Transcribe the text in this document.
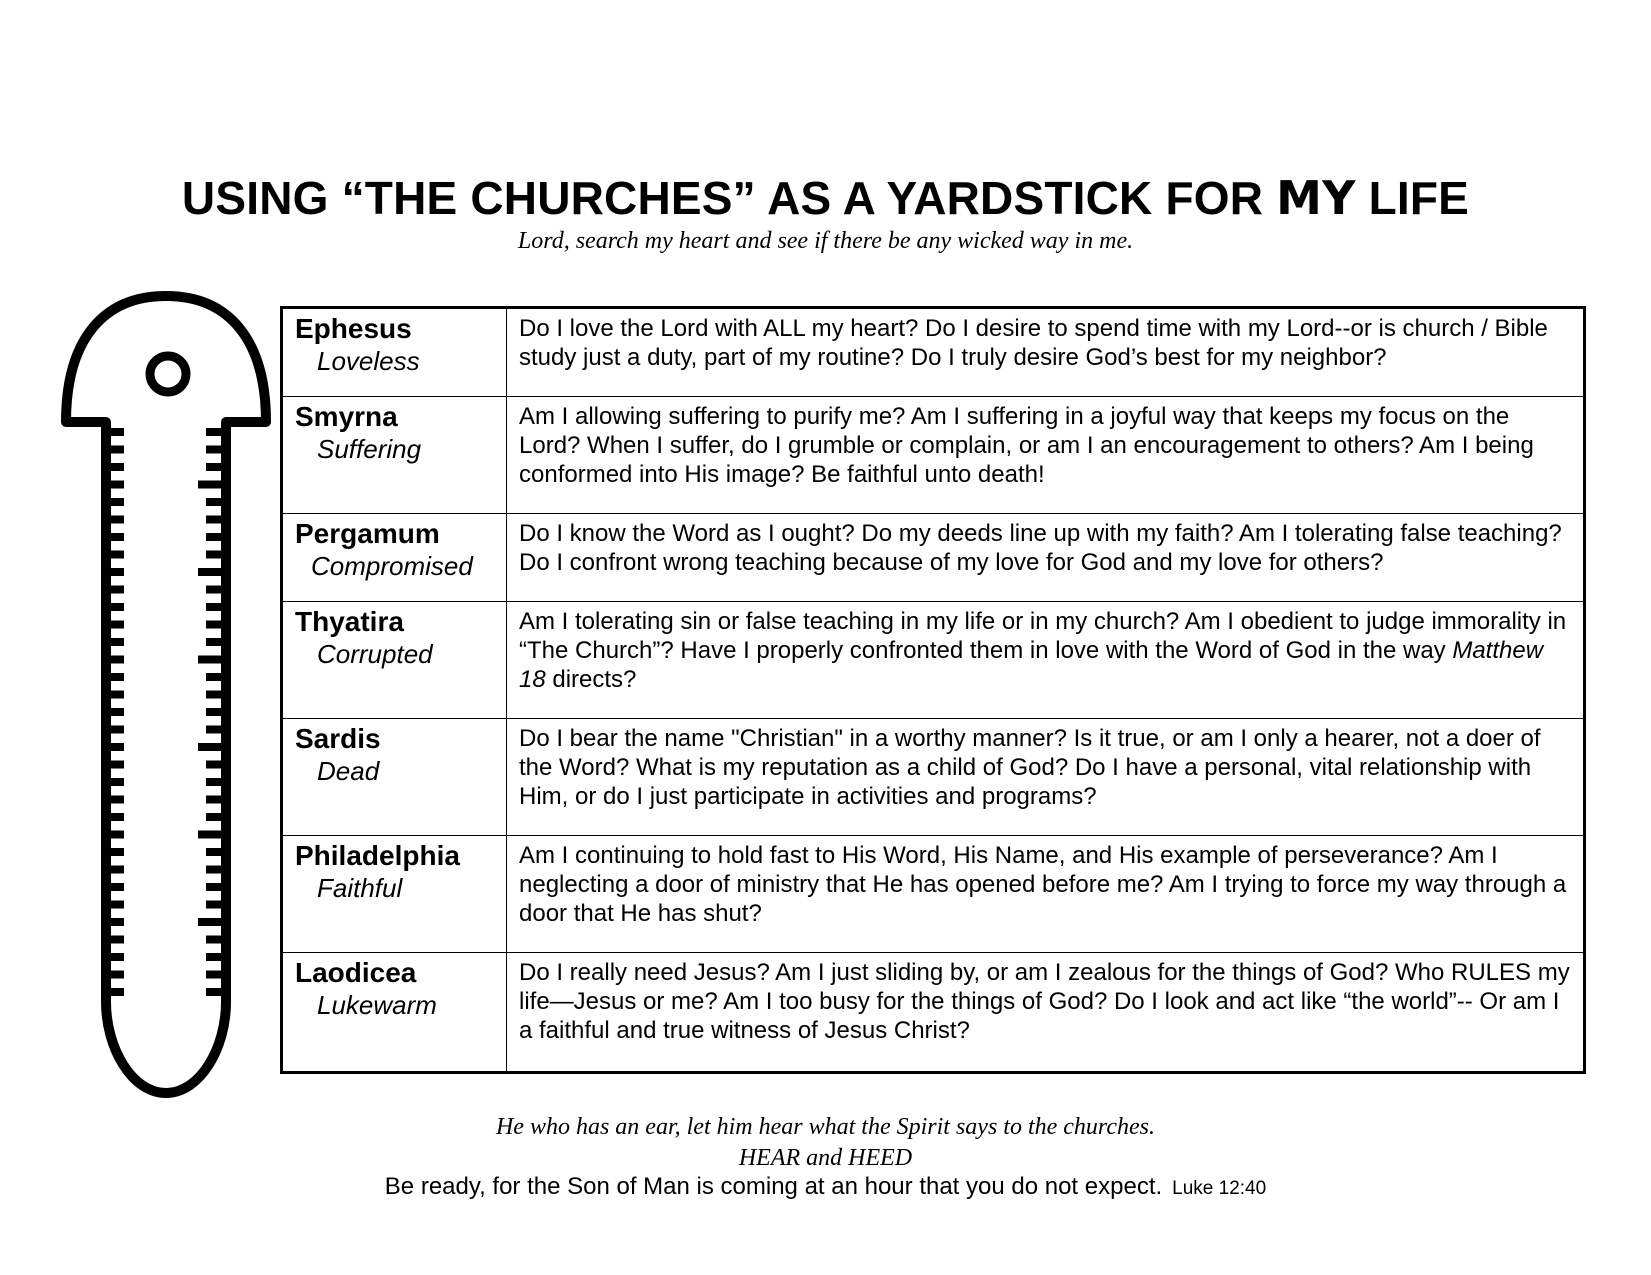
USING “THE CHURCHES” AS A YARDSTICK FOR MY LIFE
Lord, search my heart and see if there be any wicked way in me.
Ephesus
Loveless	Do I love the Lord with ALL my heart? Do I desire to spend time with my Lord--or is church / Bible study just a duty, part of my routine? Do I truly desire God’s best for my neighbor?

Smyrna
Suffering	Am I allowing suffering to purify me? Am I suffering in a joyful way that keeps my focus on the Lord? When I suffer, do I grumble or complain, or am I an encouragement to others? Am I being conformed into His image? Be faithful unto death!

Pergamum
Compromised	Do I know the Word as I ought? Do my deeds line up with my faith? Am I tolerating false teaching? Do I confront wrong teaching because of my love for God and my love for others?

Thyatira
Corrupted	Am I tolerating sin or false teaching in my life or in my church? Am I obedient to judge immorality in “The Church”? Have I properly confronted them in love with the Word of God in the way Matthew 18 directs?

Sardis
Dead	Do I bear the name "Christian" in a worthy manner? Is it true, or am I only a hearer, not a doer of the Word? What is my reputation as a child of God? Do I have a personal, vital relationship with Him, or do I just participate in activities and programs?

Philadelphia
Faithful	Am I continuing to hold fast to His Word, His Name, and His example of perseverance? Am I neglecting a door of ministry that He has opened before me? Am I trying to force my way through a door that He has shut?

Laodicea
Lukewarm	Do I really need Jesus? Am I just sliding by, or am I zealous for the things of God? Who RULES my life—Jesus or me? Am I too busy for the things of God? Do I look and act like “the world”-- Or am I a faithful and true witness of Jesus Christ?
He who has an ear, let him hear what the Spirit says to the churches.
HEAR and HEED
Be ready, for the Son of Man is coming at an hour that you do not expect. Luke 12:40
